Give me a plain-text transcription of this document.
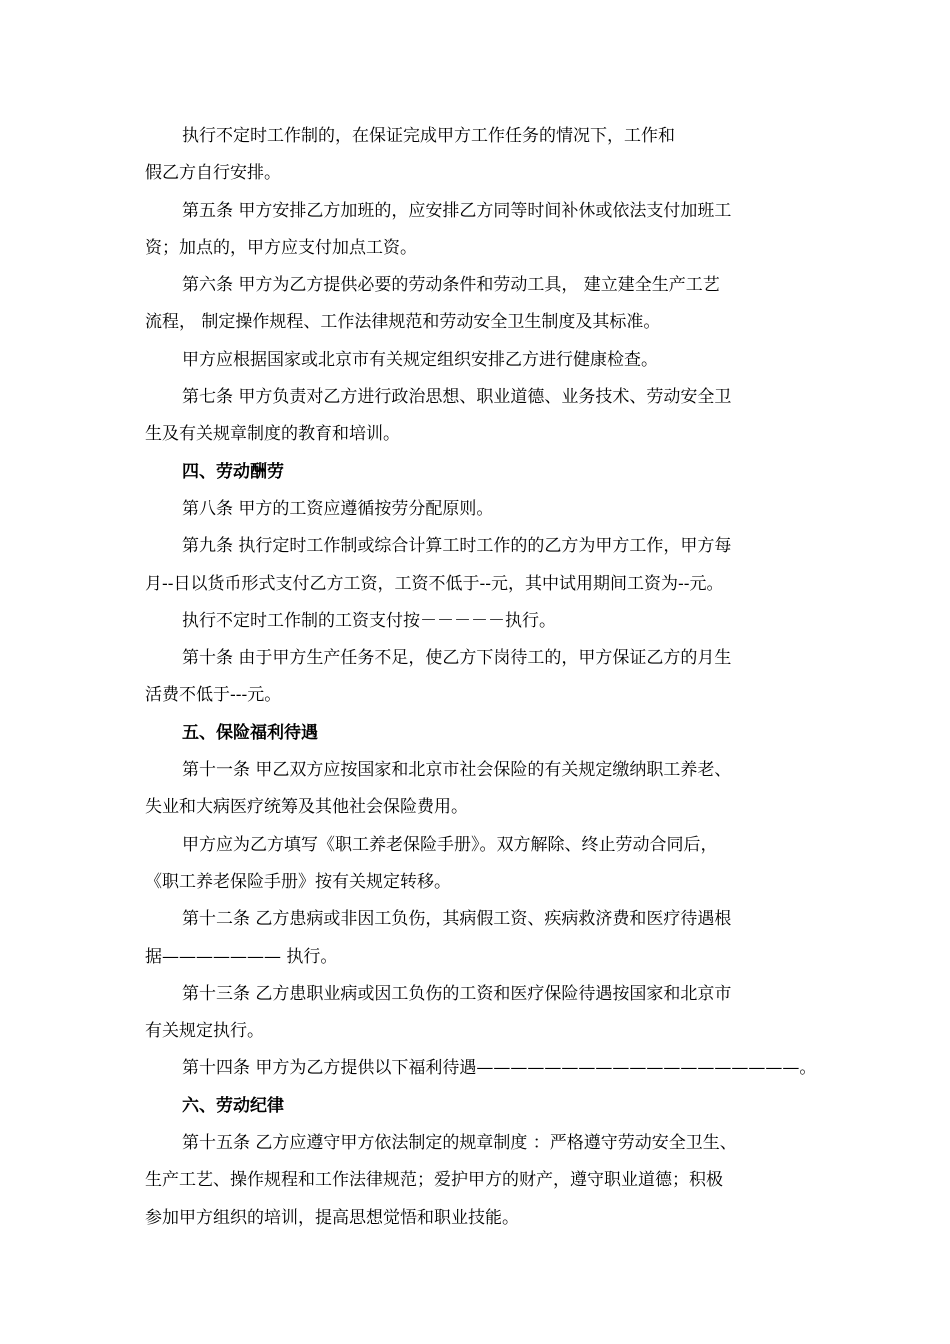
执行不定时工作制的，在保证完成甲方工作任务的情况下，工作和
假乙方自行安排。
第五条 甲方安排乙方加班的，应安排乙方同等时间补休或依法支付加班工
资；加点的，甲方应支付加点工资。
第六条 甲方为乙方提供必要的劳动条件和劳动工具， 建立建全生产工艺
流程， 制定操作规程、工作法律规范和劳动安全卫生制度及其标准。
甲方应根据国家或北京市有关规定组织安排乙方进行健康检查。
第七条 甲方负责对乙方进行政治思想、职业道德、业务技术、劳动安全卫
生及有关规章制度的教育和培训。
四、劳动酬劳
第八条 甲方的工资应遵循按劳分配原则。
第九条 执行定时工作制或综合计算工时工作的的乙方为甲方工作，甲方每
月--日以货币形式支付乙方工资，工资不低于--元，其中试用期间工资为--元。
执行不定时工作制的工资支付按－－－－－执行。
第十条 由于甲方生产任务不足，使乙方下岗待工的，甲方保证乙方的月生
活费不低于---元。
五、保险福利待遇
第十一条 甲乙双方应按国家和北京市社会保险的有关规定缴纳职工养老、
失业和大病医疗统筹及其他社会保险费用。
甲方应为乙方填写《职工养老保险手册》。双方解除、终止劳动合同后，
《职工养老保险手册》按有关规定转移。
第十二条 乙方患病或非因工负伤，其病假工资、疾病救济费和医疗待遇根
据——————— 执行。
第十三条 乙方患职业病或因工负伤的工资和医疗保险待遇按国家和北京市
有关规定执行。
第十四条 甲方为乙方提供以下福利待遇———————————————————。
六、劳动纪律
第十五条 乙方应遵守甲方依法制定的规章制度 ：严格遵守劳动安全卫生、
生产工艺、操作规程和工作法律规范；爱护甲方的财产，遵守职业道德；积极
参加甲方组织的培训，提高思想觉悟和职业技能。
